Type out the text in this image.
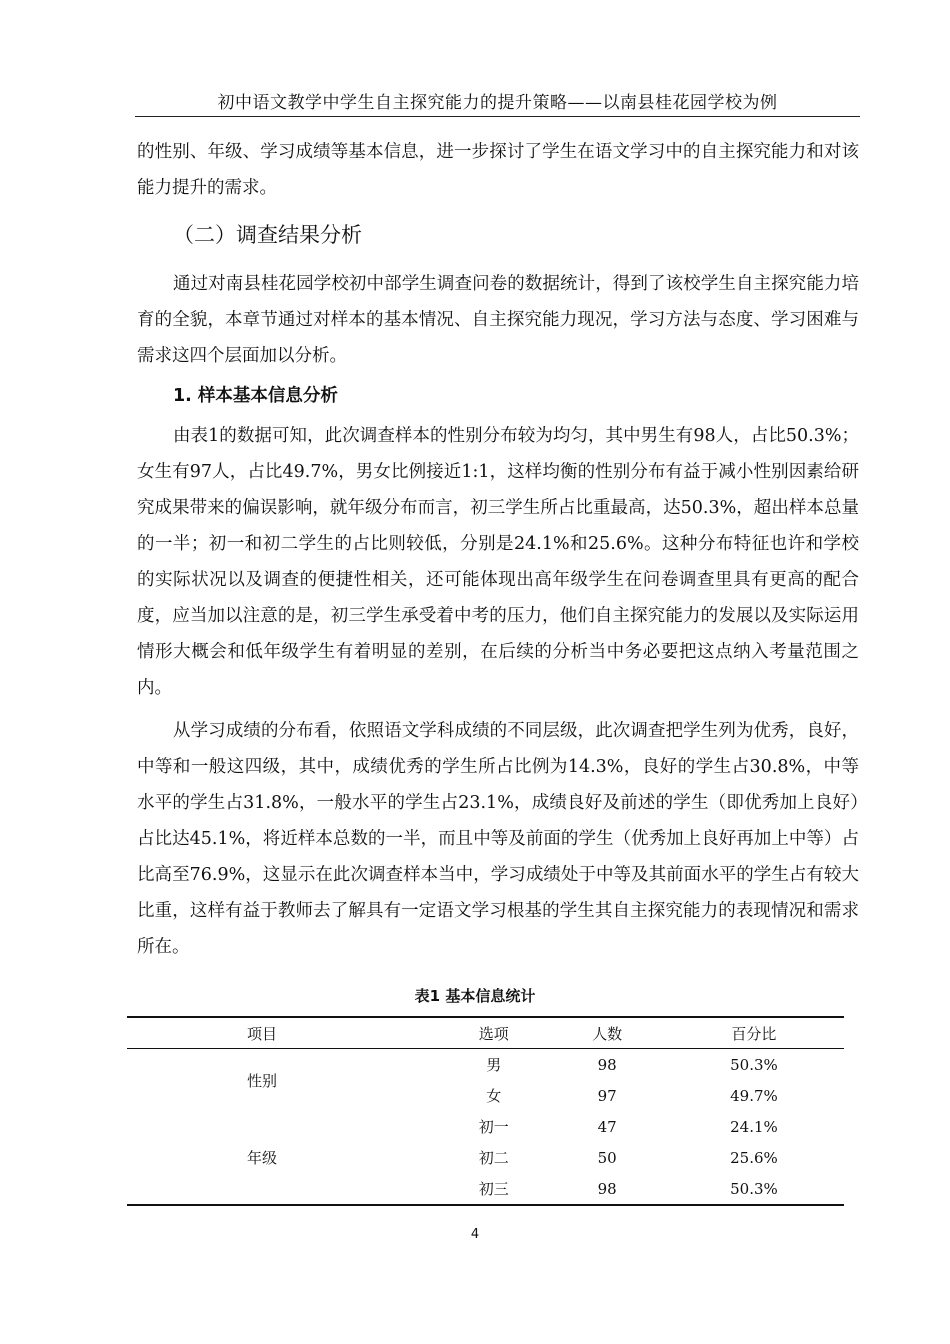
初中语文教学中学生自主探究能力的提升策略——以南县桂花园学校为例

的性别、年级、学习成绩等基本信息，进一步探讨了学生在语文学习中的自主探究能力和对该能力提升的需求。

（二）调查结果分析

通过对南县桂花园学校初中部学生调查问卷的数据统计，得到了该校学生自主探究能力培育的全貌，本章节通过对样本的基本情况、自主探究能力现况，学习方法与态度、学习困难与需求这四个层面加以分析。

1. 样本基本信息分析

由表1的数据可知，此次调查样本的性别分布较为均匀，其中男生有98人，占比50.3%；女生有97人，占比49.7%，男女比例接近1:1，这样均衡的性别分布有益于减小性别因素给研究成果带来的偏误影响，就年级分布而言，初三学生所占比重最高，达50.3%，超出样本总量的一半；初一和初二学生的占比则较低，分别是24.1%和25.6%。这种分布特征也许和学校的实际状况以及调查的便捷性相关，还可能体现出高年级学生在问卷调查里具有更高的配合度，应当加以注意的是，初三学生承受着中考的压力，他们自主探究能力的发展以及实际运用情形大概会和低年级学生有着明显的差别，在后续的分析当中务必要把这点纳入考量范围之内。

从学习成绩的分布看，依照语文学科成绩的不同层级，此次调查把学生列为优秀，良好，中等和一般这四级，其中，成绩优秀的学生所占比例为14.3%，良好的学生占30.8%，中等水平的学生占31.8%，一般水平的学生占23.1%，成绩良好及前述的学生（即优秀加上良好）占比达45.1%，将近样本总数的一半，而且中等及前面的学生（优秀加上良好再加上中等）占比高至76.9%，这显示在此次调查样本当中，学习成绩处于中等及其前面水平的学生占有较大比重，这样有益于教师去了解具有一定语文学习根基的学生其自主探究能力的表现情况和需求所在。

表1 基本信息统计
项目	选项	人数	百分比
性别	男	98	50.3%
	女	97	49.7%
年级	初一	47	24.1%
	初二	50	25.6%
	初三	98	50.3%
4
